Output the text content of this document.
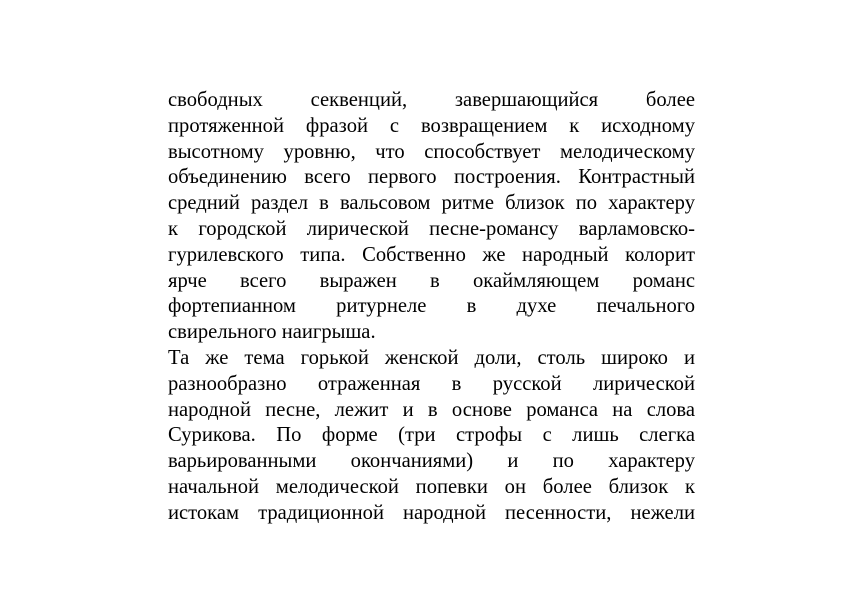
свободных секвенций, завершающийся более
протяженной фразой с возвращением к исходному
высотному уровню, что способствует мелодическому
объединению всего первого построения. Контрастный
средний раздел в вальсовом ритме близок по характеру
к городской лирической песне-романсу варламовско-
гурилевского типа. Собственно же народный колорит
ярче всего выражен в окаймляющем романс
фортепианном ритурнеле в духе печального
свирельного наигрыша.
Та же тема горькой женской доли, столь широко и
разнообразно отраженная в русской лирической
народной песне, лежит и в основе романса на слова
Сурикова. По форме (три строфы с лишь слегка
варьированными окончаниями) и по характеру
начальной мелодической попевки он более близок к
истокам традиционной народной песенности, нежели
